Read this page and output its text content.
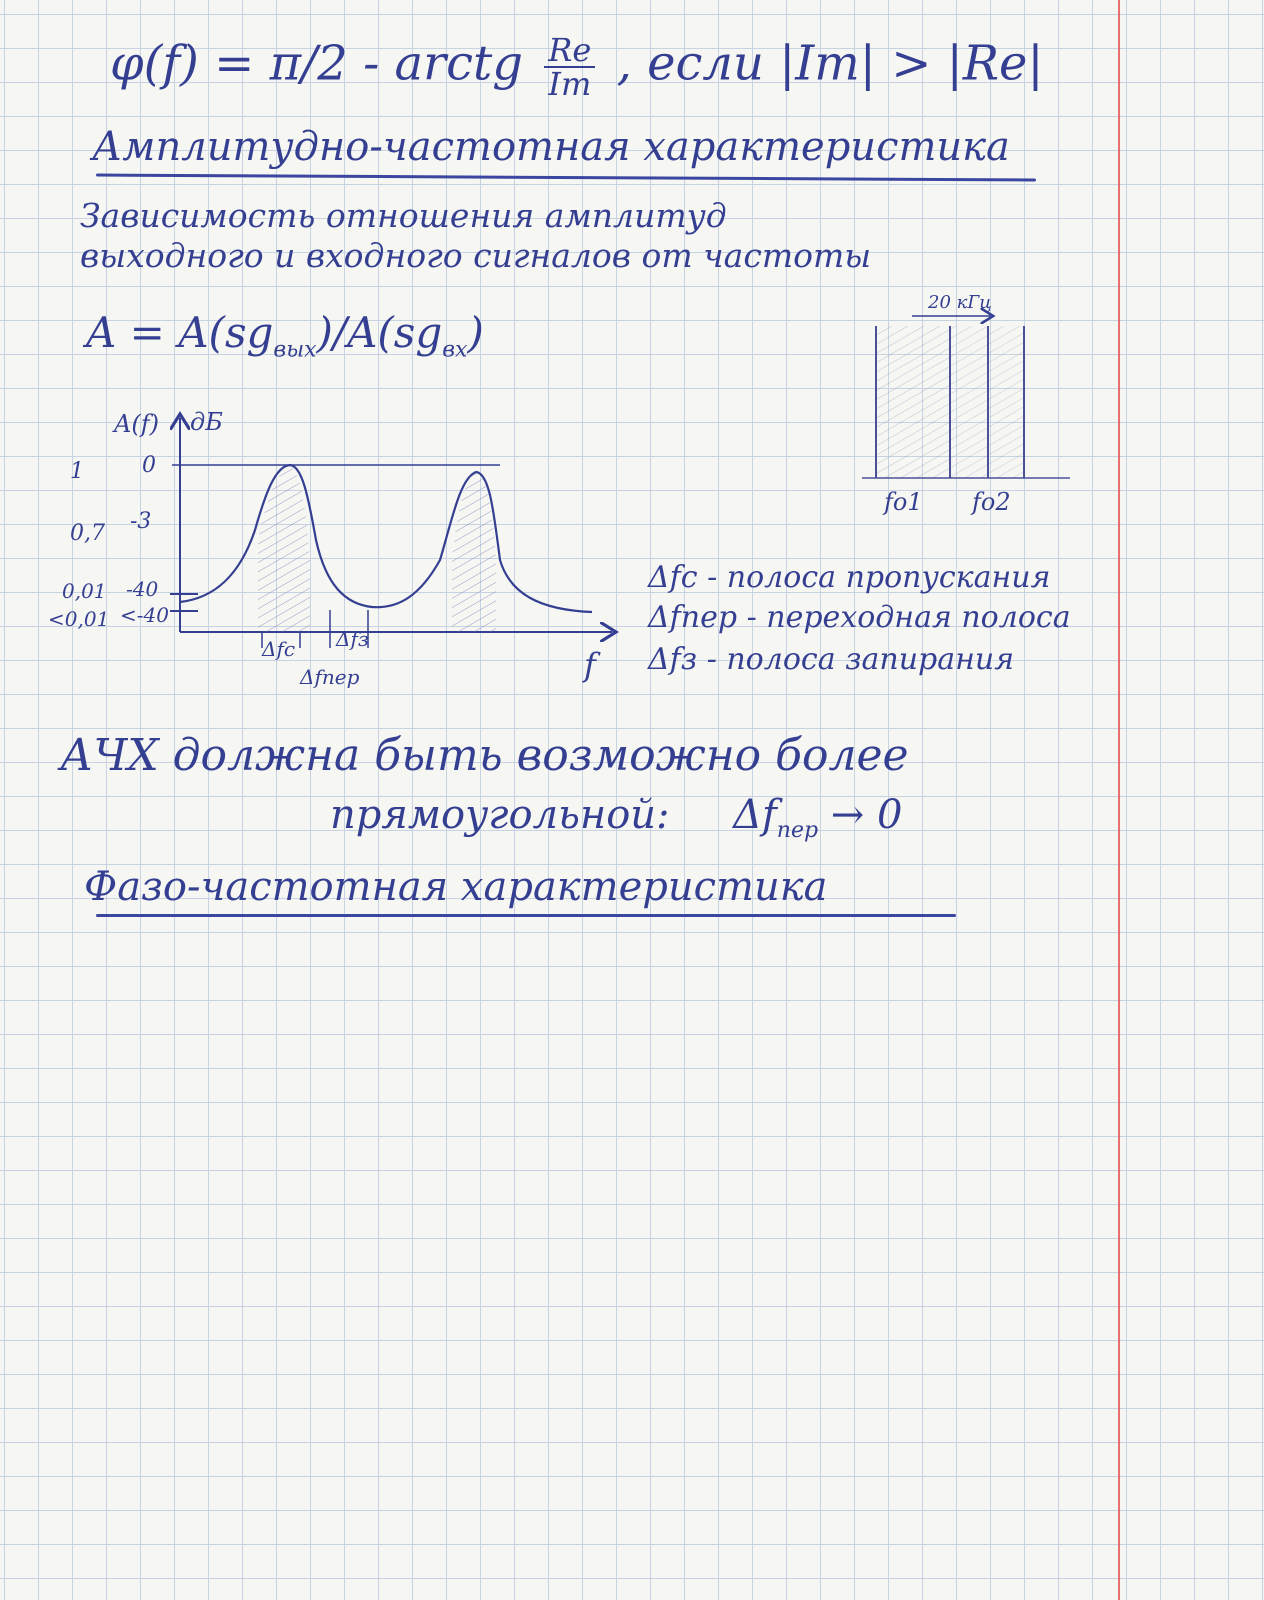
φ(f) = π/2 - arctg $\frac{Re}{Im}$ , если |Im| > |Re|
Амплитудно-частотная характеристика
Зависимость отношения амплитуд
выходного и входного сигналов от частоты
$A = A(sg_{вых})/A(sg_{вх})$
A(f) дБ
1
0,7
0,01
<0,01
0
-3
-40
<-40
Δfc Δfз
Δfпер	f
20 кГц
fo1 fo2
Δfc - полоса пропускания
Δfпер - переходная полоса
Δfз - полоса запирания
АЧХ должна быть возможно более
прямоугольной: $\Delta f_{пер} \to 0$
Фазо-частотная характеристика
